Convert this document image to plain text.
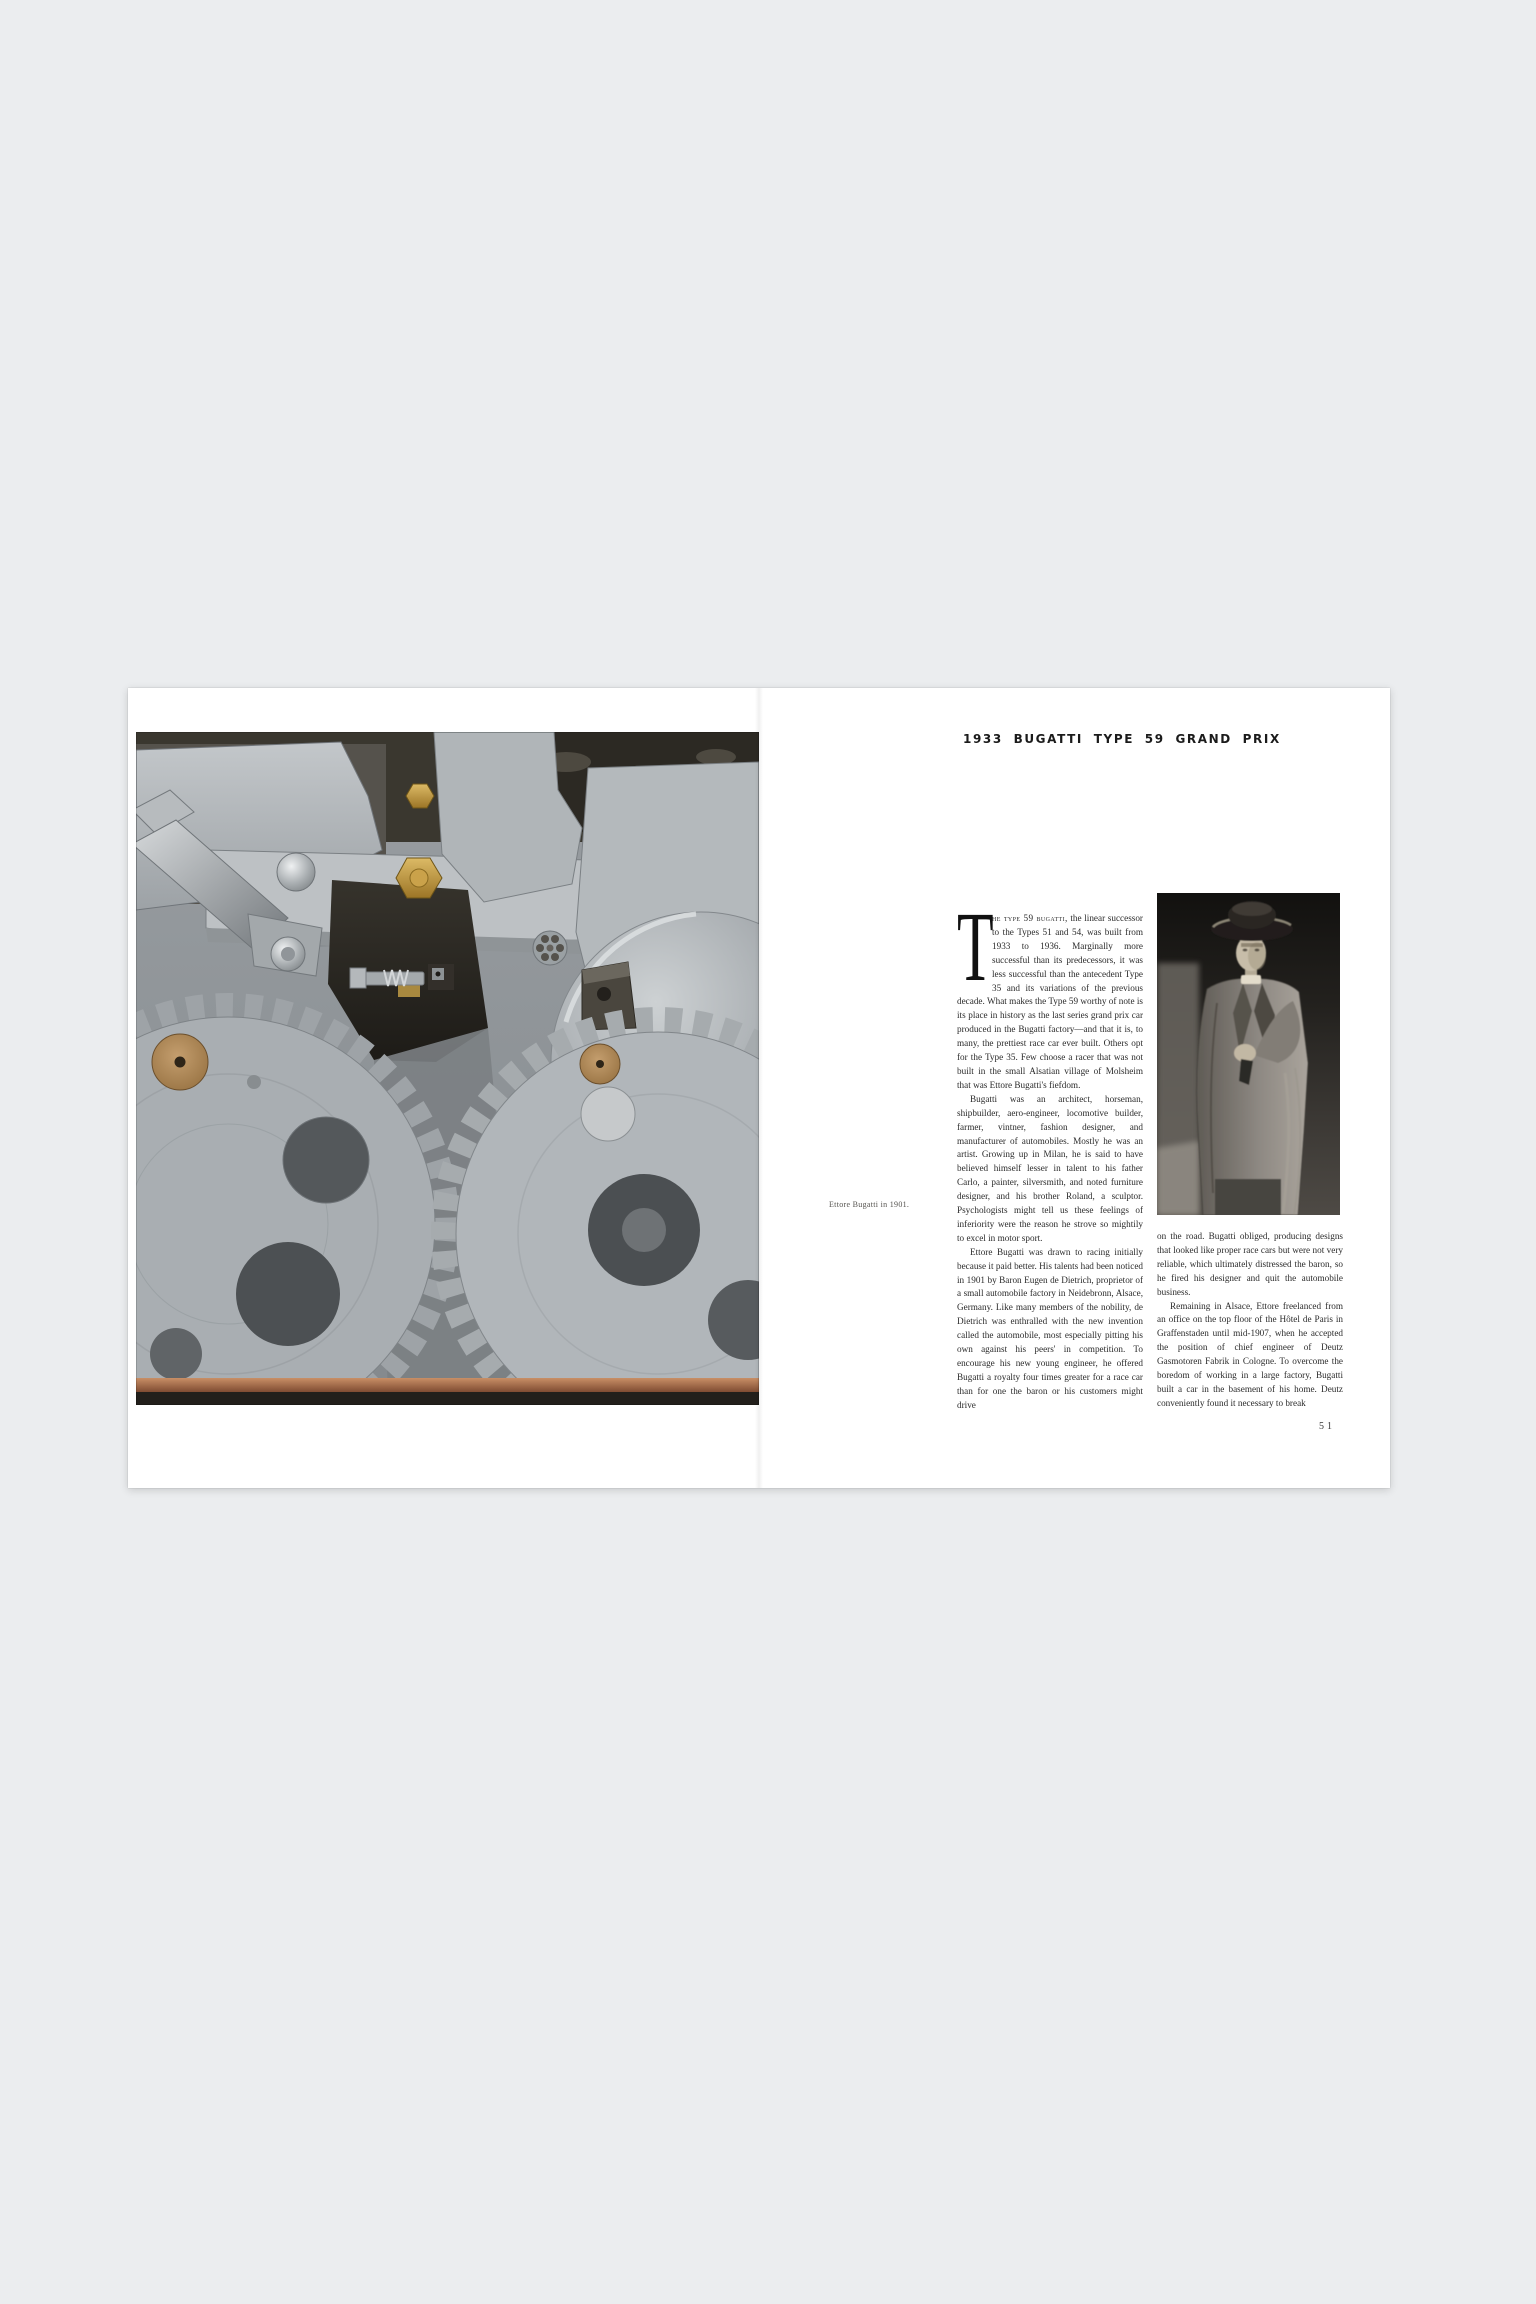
1933 BUGATTI TYPE 59 GRAND PRIX

T
he type 59 bugatti, the linear successor to the Types 51 and 54, was built from 1933 to 1936. Marginally more successful than its predecessors, it was less successful than the antecedent Type 35 and its variations of the previous decade. What makes the Type 59 worthy of note is its place in history as the last series grand prix car produced in the Bugatti factory—and that it is, to many, the prettiest race car ever built. Others opt for the Type 35. Few choose a racer that was not built in the small Alsatian village of Molsheim that was Ettore Bugatti's fiefdom.

Bugatti was an architect, horseman, shipbuilder, aero-engineer, locomotive builder, farmer, vintner, fashion designer, and manufacturer of automobiles. Mostly he was an artist. Growing up in Milan, he is said to have believed himself lesser in talent to his father Carlo, a painter, silversmith, and noted furniture designer, and his brother Roland, a sculptor. Psychologists might tell us these feelings of inferiority were the reason he strove so mightily to excel in motor sport.

Ettore Bugatti was drawn to racing initially because it paid better. His talents had been noticed in 1901 by Baron Eugen de Dietrich, proprietor of a small automobile factory in Neidebronn, Alsace, Germany. Like many members of the nobility, de Dietrich was enthralled with the new invention called the automobile, most especially pitting his own against his peers' in competition. To encourage his new young engineer, he offered Bugatti a royalty four times greater for a race car than for one the baron or his customers might drive

Ettore Bugatti in 1901.

on the road. Bugatti obliged, producing designs that looked like proper race cars but were not very reliable, which ultimately distressed the baron, so he fired his designer and quit the automobile business.

Remaining in Alsace, Ettore freelanced from an office on the top floor of the Hôtel de Paris in Graffenstaden until mid-1907, when he accepted the position of chief engineer of Deutz Gasmotoren Fabrik in Cologne. To overcome the boredom of working in a large factory, Bugatti built a car in the basement of his home. Deutz conveniently found it necessary to break

51
